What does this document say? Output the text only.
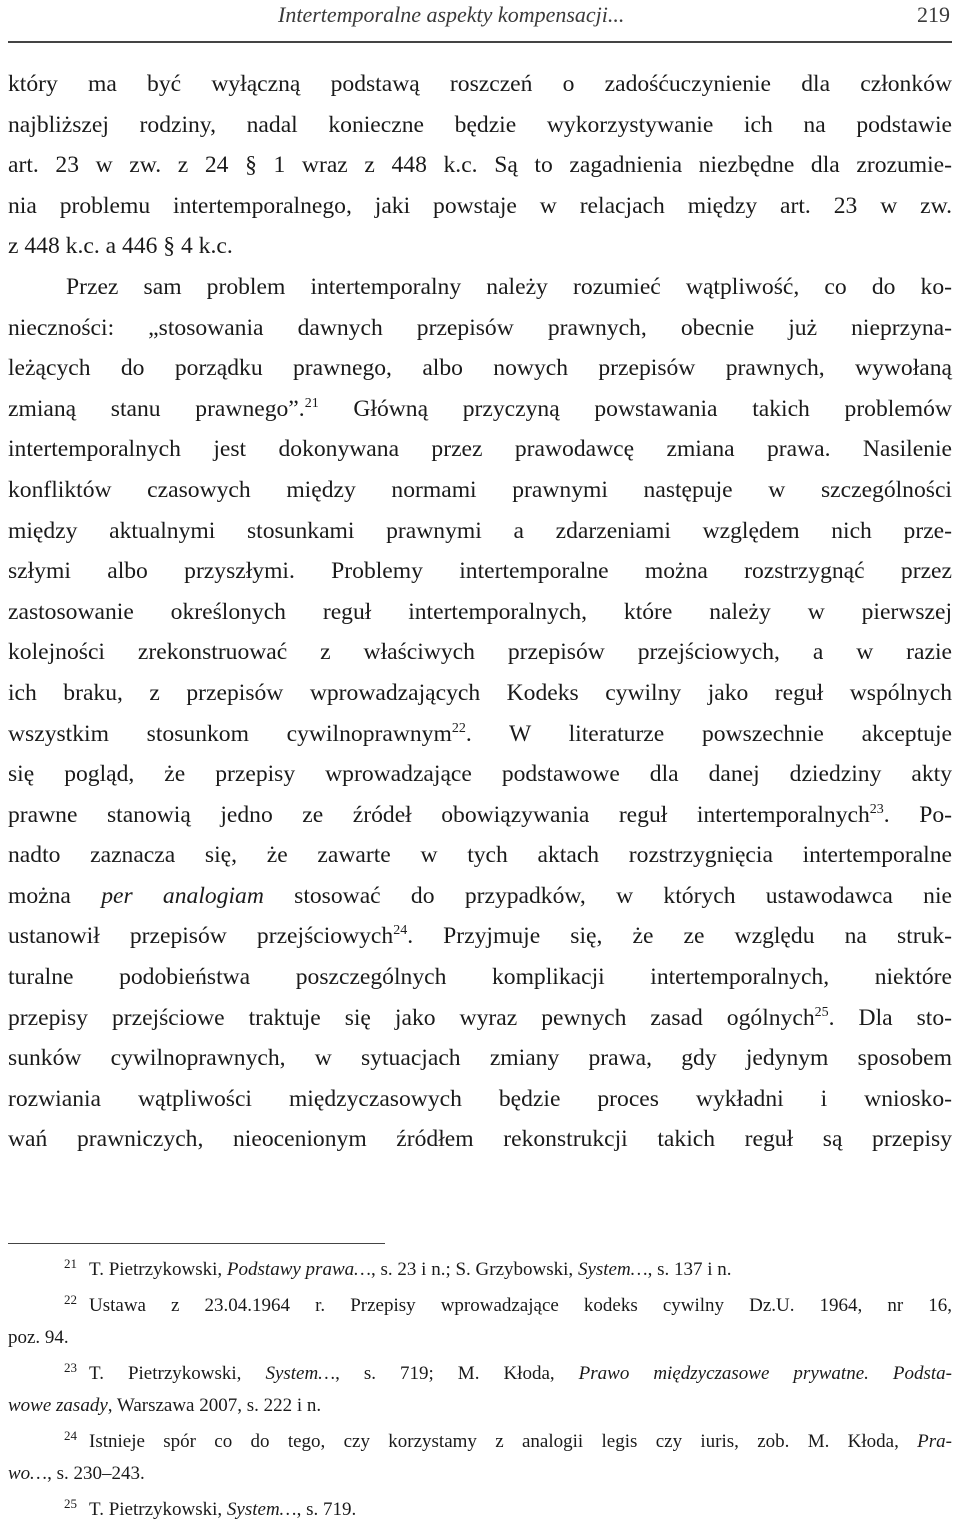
Intertemporalne aspekty kompensacji...	219
który ma być wyłączną podstawą roszczeń o zadośćuczynienie dla członków
najbliższej rodziny, nadal konieczne będzie wykorzystywanie ich na podstawie
art. 23 w zw. z 24 § 1 wraz z 448 k.c. Są to zagadnienia niezbędne dla zrozumie-
nia problemu intertemporalnego, jaki powstaje w relacjach między art. 23 w zw.
z 448 k.c. a 446 § 4 k.c.
Przez sam problem intertemporalny należy rozumieć wątpliwość, co do ko-
nieczności: „stosowania dawnych przepisów prawnych, obecnie już nieprzyna-
leżących do porządku prawnego, albo nowych przepisów prawnych, wywołaną
zmianą stanu prawnego”.$^{21}$ Główną przyczyną powstawania takich problemów
intertemporalnych jest dokonywana przez prawodawcę zmiana prawa. Nasilenie
konfliktów czasowych między normami prawnymi następuje w szczególności
między aktualnymi stosunkami prawnymi a zdarzeniami względem nich prze-
szłymi albo przyszłymi. Problemy intertemporalne można rozstrzygnąć przez
zastosowanie określonych reguł intertemporalnych, które należy w pierwszej
kolejności zrekonstruować z właściwych przepisów przejściowych, a w razie
ich braku, z przepisów wprowadzających Kodeks cywilny jako reguł wspólnych
wszystkim stosunkom cywilnoprawnym$^{22}$. W literaturze powszechnie akceptuje
się pogląd, że przepisy wprowadzające podstawowe dla danej dziedziny akty
prawne stanowią jedno ze źródeł obowiązywania reguł intertemporalnych$^{23}$. Po-
nadto zaznacza się, że zawarte w tych aktach rozstrzygnięcia intertemporalne
można per analogiam stosować do przypadków, w których ustawodawca nie
ustanowił przepisów przejściowych$^{24}$. Przyjmuje się, że ze względu na struk-
turalne podobieństwa poszczególnych komplikacji intertemporalnych, niektóre
przepisy przejściowe traktuje się jako wyraz pewnych zasad ogólnych$^{25}$. Dla sto-
sunków cywilnoprawnych, w sytuacjach zmiany prawa, gdy jedynym sposobem
rozwiania wątpliwości międzyczasowych będzie proces wykładni i wniosko-
wań prawniczych, nieocenionym źródłem rekonstrukcji takich reguł są przepisy
$^{21}$ T. Pietrzykowski, Podstawy prawa…, s. 23 i n.; S. Grzybowski, System…, s. 137 i n.
$^{22}$ Ustawa z 23.04.1964 r. Przepisy wprowadzające kodeks cywilny Dz.U. 1964, nr 16,
poz. 94.
$^{23}$ T. Pietrzykowski, System…, s. 719; M. Kłoda, Prawo międzyczasowe prywatne. Podsta-
wowe zasady, Warszawa 2007, s. 222 i n.
$^{24}$ Istnieje spór co do tego, czy korzystamy z analogii legis czy iuris, zob. M. Kłoda, Pra-
wo…, s. 230–243.
$^{25}$ T. Pietrzykowski, System…, s. 719.
